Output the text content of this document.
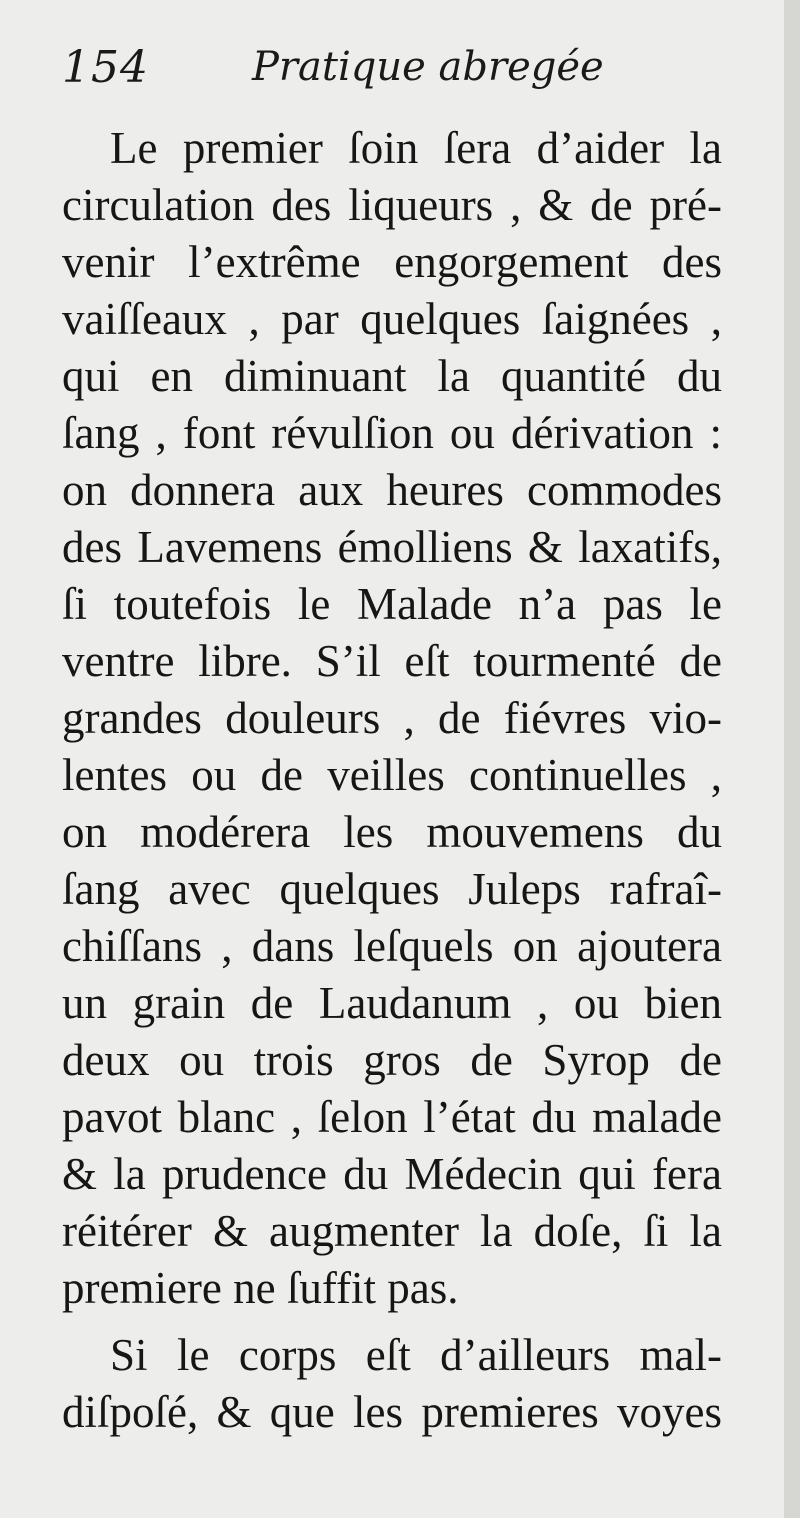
154	Pratique abregée
Le premier ſoin ſera d’aider la
circulation des liqueurs , & de pré-
venir l’extrême engorgement des
vaiſſeaux , par quelques ſaignées ,
qui en diminuant la quantité du
ſang , font révulſion ou dérivation :
on donnera aux heures commodes
des Lavemens émolliens & laxatifs,
ſi toutefois le Malade n’a pas le
ventre libre. S’il eſt tourmenté de
grandes douleurs , de fiévres vio-
lentes ou de veilles continuelles ,
on modérera les mouvemens du
ſang avec quelques Juleps rafraî-
chiſſans , dans leſquels on ajoutera
un grain de Laudanum , ou bien
deux ou trois gros de Syrop de
pavot blanc , ſelon l’état du malade
& la prudence du Médecin qui fera
réitérer & augmenter la doſe, ſi la
premiere ne ſuffit pas.
Si le corps eſt d’ailleurs mal-
diſpoſé, & que les premieres voyes
